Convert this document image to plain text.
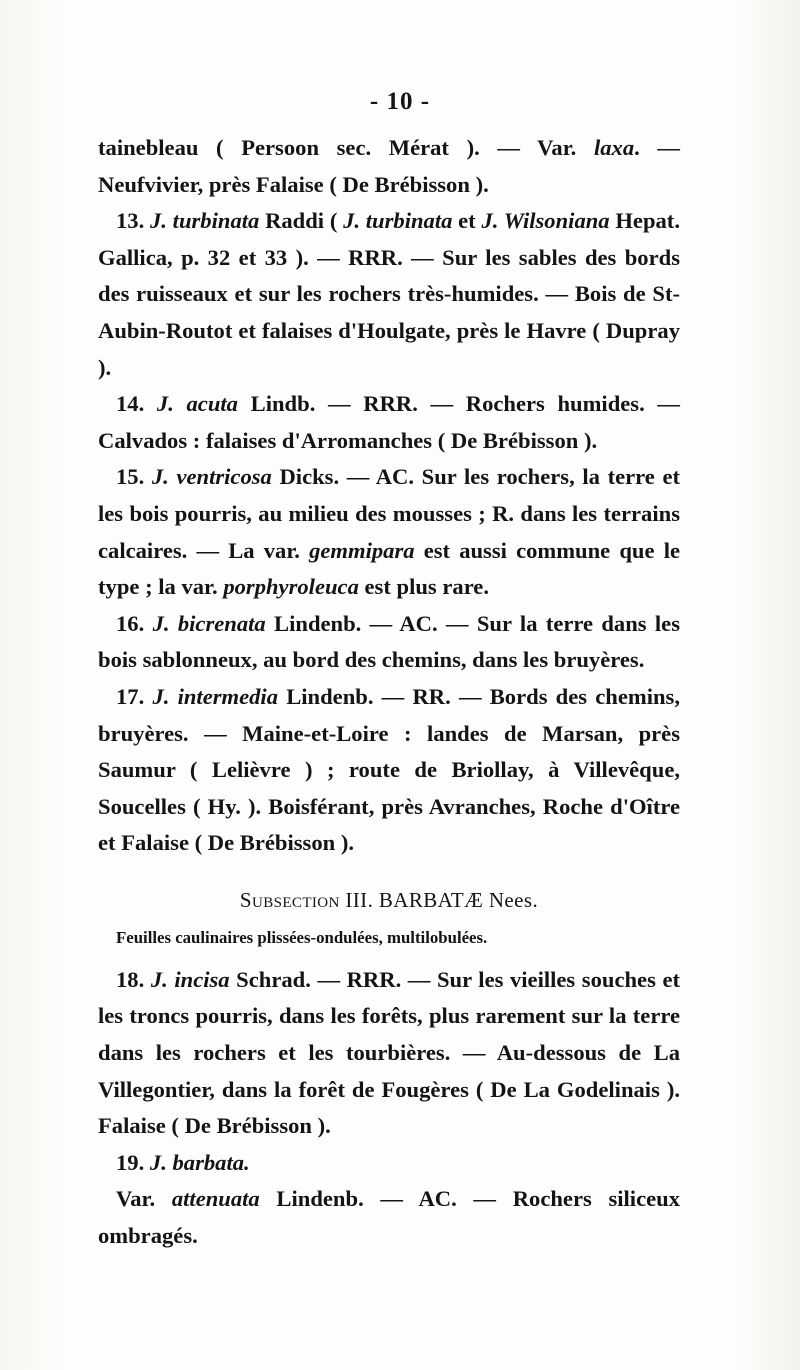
- 10 -

tainebleau ( Persoon sec. Mérat ). — Var. laxa. — Neufvivier, près Falaise ( De Brébisson ).

13. J. turbinata Raddi ( J. turbinata et J. Wilsoniana Hepat. Gallica, p. 32 et 33 ). — RRR. — Sur les sables des bords des ruisseaux et sur les rochers très-humides. — Bois de St-Aubin-Routot et falaises d'Houlgate, près le Havre ( Dupray ).

14. J. acuta Lindb. — RRR. — Rochers humides. — Calvados : falaises d'Arromanches ( De Brébisson ).

15. J. ventricosa Dicks. — AC. Sur les rochers, la terre et les bois pourris, au milieu des mousses ; R. dans les terrains calcaires. — La var. gemmipara est aussi commune que le type ; la var. porphyroleuca est plus rare.

16. J. bicrenata Lindenb. — AC. — Sur la terre dans les bois sablonneux, au bord des chemins, dans les bruyères.

17. J. intermedia Lindenb. — RR. — Bords des chemins, bruyères. — Maine-et-Loire : landes de Marsan, près Saumur ( Lelièvre ) ; route de Briollay, à Villevêque, Soucelles ( Hy. ). Boisférant, près Avranches, Roche d'Oître et Falaise ( De Brébisson ).

Subsection III. BARBATÆ Nees.

Feuilles caulinaires plissées-ondulées, multilobulées.

18. J. incisa Schrad. — RRR. — Sur les vieilles souches et les troncs pourris, dans les forêts, plus rarement sur la terre dans les rochers et les tourbières. — Au-dessous de La Villegontier, dans la forêt de Fougères ( De La Godelinais ). Falaise ( De Brébisson ).

19. J. barbata.

Var. attenuata Lindenb. — AC. — Rochers siliceux ombragés.
